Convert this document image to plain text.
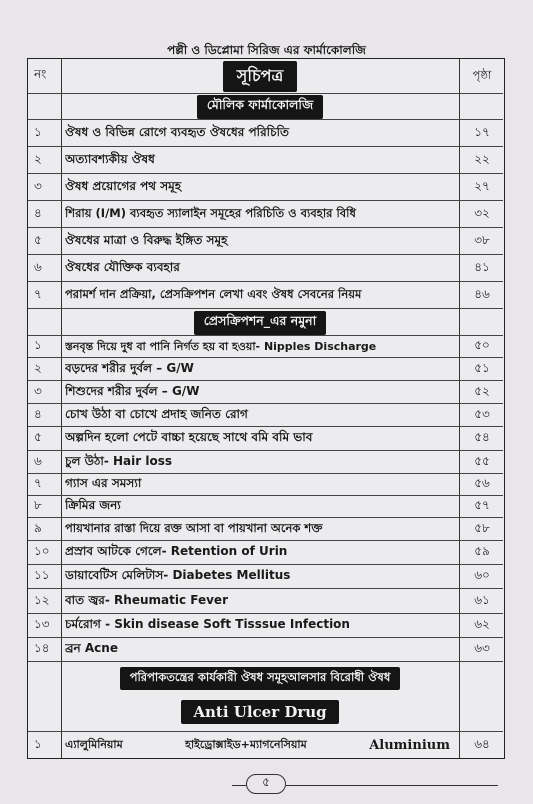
পল্লী ও ডিপ্লোমা সিরিজ এর ফার্মাকোলজি
নং	সূচিপত্র	পৃষ্ঠা
মৌলিক ফার্মাকোলজি
১	ঔষধ ও বিভিন্ন রোগে ব্যবহৃত ঔষধের পরিচিতি	১৭
২	অত্যাবশ্যকীয় ঔষধ	২২
৩	ঔষধ প্রয়োগের পথ সমূহ	২৭
৪	শিরায় (I/M) ব্যবহৃত স্যালাইন সমূহের পরিচিতি ও ব্যবহার বিধি	৩২
৫	ঔষধের মাত্রা ও বিরুদ্ধ ইঙ্গিত সমূহ	৩৮
৬	ঔষধের যৌক্তিক ব্যবহার	৪১
৭	পরামর্শ দান প্রক্রিয়া, প্রেসক্রিপশন লেখা এবং ঔষধ সেবনের নিয়ম	৪৬
প্রেসক্রিপশন_এর নমুনা
১	স্তনবৃন্ত দিয়ে দুধ বা পানি নির্গত হয় বা হওয়া- Nipples Discharge	৫০
২	বড়দের শরীর দুর্বল – G/W	৫১
৩	শিশুদের শরীর দুর্বল – G/W	৫২
৪	চোখ উঠা বা চোখে প্রদাহ জনিত রোগ	৫৩
৫	অল্পদিন হলো পেটে বাচ্চা হয়েছে সাথে বমি বমি ভাব	৫৪
৬	চুল উঠা- Hair loss	৫৫
৭	গ্যাস এর সমস্যা	৫৬
৮	ক্রিমির জন্য	৫৭
৯	পায়খানার রাস্তা দিয়ে রক্ত আসা বা পায়খানা অনেক শক্ত	৫৮
১০	প্রস্রাব আটকে গেলে- Retention of Urin	৫৯
১১	ডায়াবেটিস মেলিটাস- Diabetes Mellitus	৬০
১২	বাত জ্বর- Rheumatic Fever	৬১
১৩	চর্মরোগ - Skin disease Soft Tisssue Infection	৬২
১৪	ব্রন Acne	৬৩
পরিপাকতন্ত্রের কার্যকারী ঔষধ সমূহআলসার বিরোধী ঔষধ
Anti Ulcer Drug
১	এ্যালুমিনিয়াম	হাইড্রোক্সাইড+ম্যাগনেসিয়াম	Aluminium	৬৪
৫
